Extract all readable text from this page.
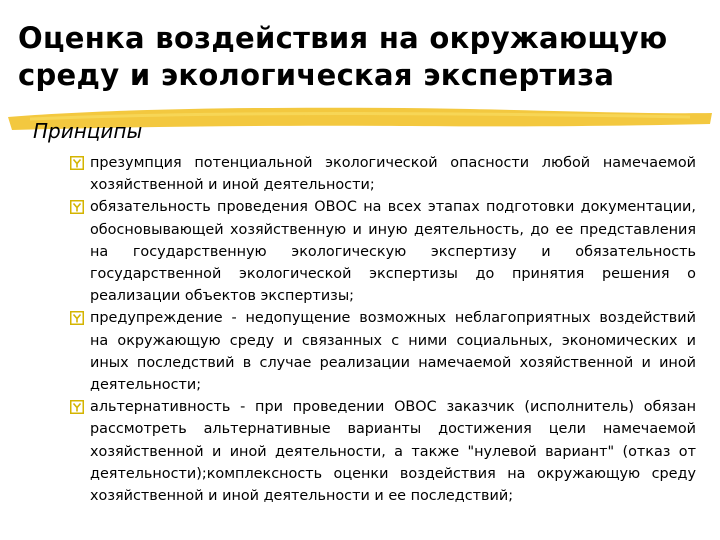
Оценка воздействия на окружающую
среду и экологическая экспертиза

Принципы

презумпция потенциальной экологической опасности любой намечаемой хозяйственной и иной деятельности;
обязательность проведения ОВОС на всех этапах подготовки документации, обосновывающей хозяйственную и иную деятельность, до ее представления на государственную экологическую экспертизу и обязательность государственной экологической экспертизы до принятия решения о реализации объектов экспертизы;
предупреждение - недопущение возможных неблагоприятных воздействий на окружающую среду и связанных с ними социальных, экономических и иных последствий в случае реализации намечаемой хозяйственной и иной деятельности;
альтернативность - при проведении ОВОС заказчик (исполнитель) обязан рассмотреть альтернативные варианты достижения цели намечаемой хозяйственной и иной деятельности, а также "нулевой вариант" (отказ от деятельности);комплексность оценки воздействия на окружающую среду хозяйственной и иной деятельности и ее последствий;
